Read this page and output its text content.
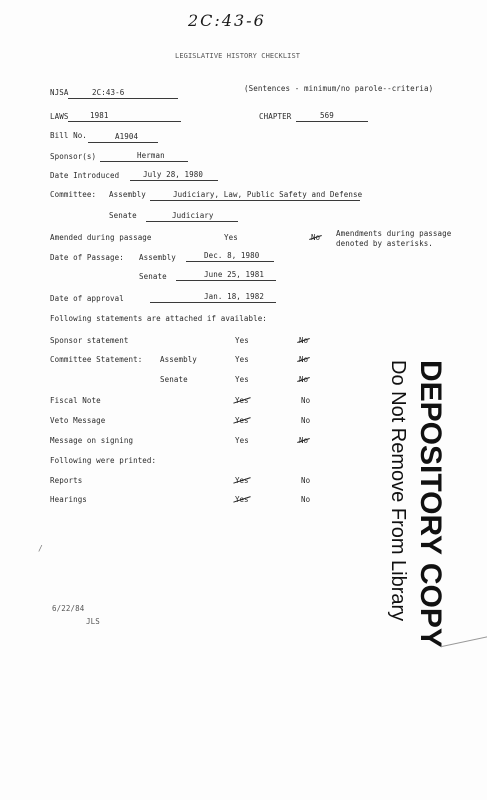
2C:43-6
LEGISLATIVE HISTORY CHECKLIST
NJSA	2C:43-6	(Sentences - minimum/no parole--criteria)
LAWS	1981	CHAPTER	569
Bill No.	A1904
Sponsor(s)	Herman
Date Introduced	July 28, 1980
Committee: Assembly	Judiciary, Law, Public Safety and Defense
Senate	Judiciary
Amended during passage	Yes	No Amendments during passage
denoted by asterisks.
Date of Passage: Assembly	Dec. 8, 1980
Senate	June 25, 1981
Date of approval	Jan. 18, 1982
Following statements are attached if available:
Sponsor statement	Yes	No
Committee Statement: Assembly	Yes	No
Senate	Yes	No
Fiscal Note	Yes	No
Veto Message	Yes	No
Message on signing	Yes	No
Following were printed:
Reports	Yes	No
Hearings	Yes	No
/	DEPOSITORY COPY
Do Not Remove From Library
6/22/84
JLS
